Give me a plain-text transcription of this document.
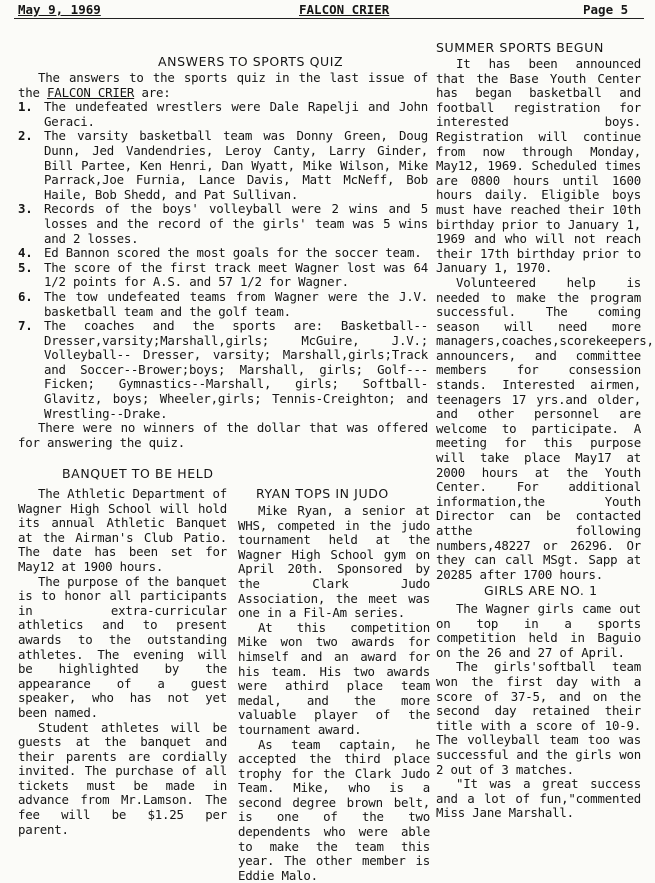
May 9, 1969	FALCON CRIER	Page 5
ANSWERS TO SPORTS QUIZ

The answers to the sports quiz in the last issue of the FALCON CRIER are:

1. The undefeated wrestlers were Dale Rapelji and John Geraci.
2. The varsity basketball team was Donny Green, Doug Dunn, Jed Vandendries, Leroy Canty, Larry Ginder, Bill Partee, Ken Henri, Dan Wyatt, Mike Wilson, Mike Parrack,Joe Furnia, Lance Davis, Matt McNeff, Bob Haile, Bob Shedd, and Pat Sullivan.
3. Records of the boys' volleyball were 2 wins and 5 losses and the record of the girls' team was 5 wins and 2 losses.
4. Ed Bannon scored the most goals for the soccer team.
5. The score of the first track meet Wagner lost was 64 1/2 points for A.S. and 57 1/2 for Wagner.
6. The tow undefeated teams from Wagner were the J.V. basketball team and the golf team.
7. The coaches and the sports are: Basketball--Dresser,varsity;Marshall,girls; McGuire, J.V.; Volleyball-- Dresser, varsity; Marshall,girls;Track and Soccer--Brower;boys; Marshall, girls; Golf---Ficken; Gymnastics--Marshall, girls; Softball-Glavitz, boys; Wheeler,girls; Tennis-Creighton; and Wrestling--Drake.

There were no winners of the dollar that was offered for answering the quiz.

SUMMER SPORTS BEGUN

It has been announced that the Base Youth Center has began basketball and football registration for interested boys. Registration will continue from now through Monday, May12, 1969. Scheduled times are 0800 hours until 1600 hours daily. Eligible boys must have reached their 10th birthday prior to January 1, 1969 and who will not reach their 17th birthday prior to January 1, 1970.

Volunteered help is needed to make the program successful. The coming season will need more managers,coaches,scorekeepers, announcers, and committee members for consession stands. Interested airmen, teenagers 17 yrs.and older, and other personnel are welcome to participate. A meeting for this purpose will take place May17 at 2000 hours at the Youth Center. For additional information,the Youth Director can be contacted atthe following numbers,48227 or 26296. Or they can call MSgt. Sapp at 20285 after 1700 hours.

BANQUET TO BE HELD

The Athletic Department of Wagner High School will hold its annual Athletic Banquet at the Airman's Club Patio. The date has been set for May12 at 1900 hours.

The purpose of the banquet is to honor all participants in extra-curricular athletics and to present awards to the outstanding athletes. The evening will be highlighted by the appearance of a guest speaker, who has not yet been named.

Student athletes will be guests at the banquet and their parents are cordially invited. The purchase of all tickets must be made in advance from Mr.Lamson. The fee will be $1.25 per parent.

RYAN TOPS IN JUDO

Mike Ryan, a senior at WHS, competed in the judo tournament held at the Wagner High School gym on April 20th. Sponsored by the Clark Judo Association, the meet was one in a Fil-Am series.

At this competition Mike won two awards for himself and an award for his team. His two awards were athird place team medal, and the more valuable player of the tournament award.

As team captain, he accepted the third place trophy for the Clark Judo Team. Mike, who is a second degree brown belt, is one of the two dependents who were able to make the team this year. The other member is Eddie Malo.

GIRLS ARE NO. 1

The Wagner girls came out on top in a sports competition held in Baguio on the 26 and 27 of April.

The girls'softball team won the first day with a score of 37-5, and on the second day retained their title with a score of 10-9. The volleyball team too was successful and the girls won 2 out of 3 matches.

"It was a great success and a lot of fun,"commented Miss Jane Marshall.
